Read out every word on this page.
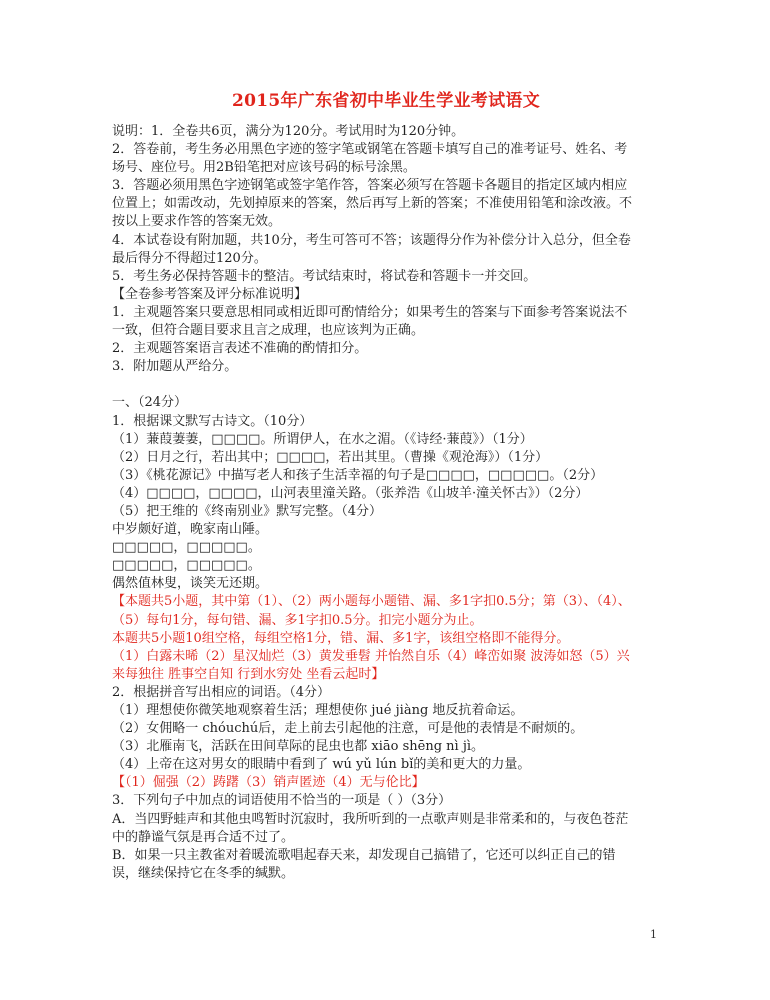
2015年广东省初中毕业生学业考试语文
说明：1．全卷共6页，满分为120分。考试用时为120分钟。
2．答卷前，考生务必用黑色字迹的签字笔或钢笔在答题卡填写自己的准考证号、姓名、考
场号、座位号。用2B铅笔把对应该号码的标号涂黑。
3．答题必须用黑色字迹钢笔或签字笔作答，答案必须写在答题卡各题目的指定区域内相应
位置上；如需改动，先划掉原来的答案，然后再写上新的答案；不准使用铅笔和涂改液。不
按以上要求作答的答案无效。
4．本试卷设有附加题，共10分，考生可答可不答；该题得分作为补偿分计入总分，但全卷
最后得分不得超过120分。
5．考生务必保持答题卡的整洁。考试结束时，将试卷和答题卡一并交回。
【全卷参考答案及评分标准说明】
1．主观题答案只要意思相同或相近即可酌情给分；如果考生的答案与下面参考答案说法不
一致，但符合题目要求且言之成理，也应该判为正确。
2．主观题答案语言表述不准确的酌情扣分。
3．附加题从严给分。
一、（24分）
1．根据课文默写古诗文。（10分）
（1）蒹葭萋萋，□□□□。所谓伊人，在水之湄。（《诗经·蒹葭》）（1分）
（2）日月之行，若出其中；□□□□，若出其里。（曹操《观沧海》）（1分）
（3）《桃花源记》中描写老人和孩子生活幸福的句子是□□□□，□□□□□。（2分）
（4）□□□□，□□□□，山河表里潼关路。（张养浩《山坡羊·潼关怀古》）（2分）
（5）把王维的《终南别业》默写完整。（4分）
中岁颇好道，晚家南山陲。
□□□□□，□□□□□。
□□□□□，□□□□□。
偶然值林叟，谈笑无还期。
【本题共5小题，其中第（1）、（2）两小题每小题错、漏、多1字扣0.5分；第（3）、（4）、
（5）每句1分，每句错、漏、多1字扣0.5分。扣完小题分为止。
本题共5小题10组空格，每组空格1分，错、漏、多1字，该组空格即不能得分。
（1）白露未晞（2）星汉灿烂（3）黄发垂髫 并怡然自乐（4）峰峦如聚 波涛如怒（5）兴
来每独往 胜事空自知 行到水穷处 坐看云起时】
2．根据拼音写出相应的词语。（4分）
（1）理想使你微笑地观察着生活；理想使你 jué jiàng 地反抗着命运。
（2）女佣略一 chóuchú后，走上前去引起他的注意，可是他的表情是不耐烦的。
（3）北雁南飞，活跃在田间草际的昆虫也都 xiāo shēng nì jì。
（4）上帝在这对男女的眼睛中看到了 wú yǔ lún bǐ的美和更大的力量。
【（1）倔强（2）踌躇（3）销声匿迹（4）无与伦比】
3．下列句子中加点的词语使用不恰当的一项是（ ）（3分）
A．当四野蛙声和其他虫鸣暂时沉寂时，我所听到的一点歌声则是非常柔和的，与夜色苍茫
中的静谧气氛是再合适不过了。
B．如果一只主教雀对着暖流歌唱起春天来，却发现自己搞错了，它还可以纠正自己的错
误，继续保持它在冬季的缄默。
1
